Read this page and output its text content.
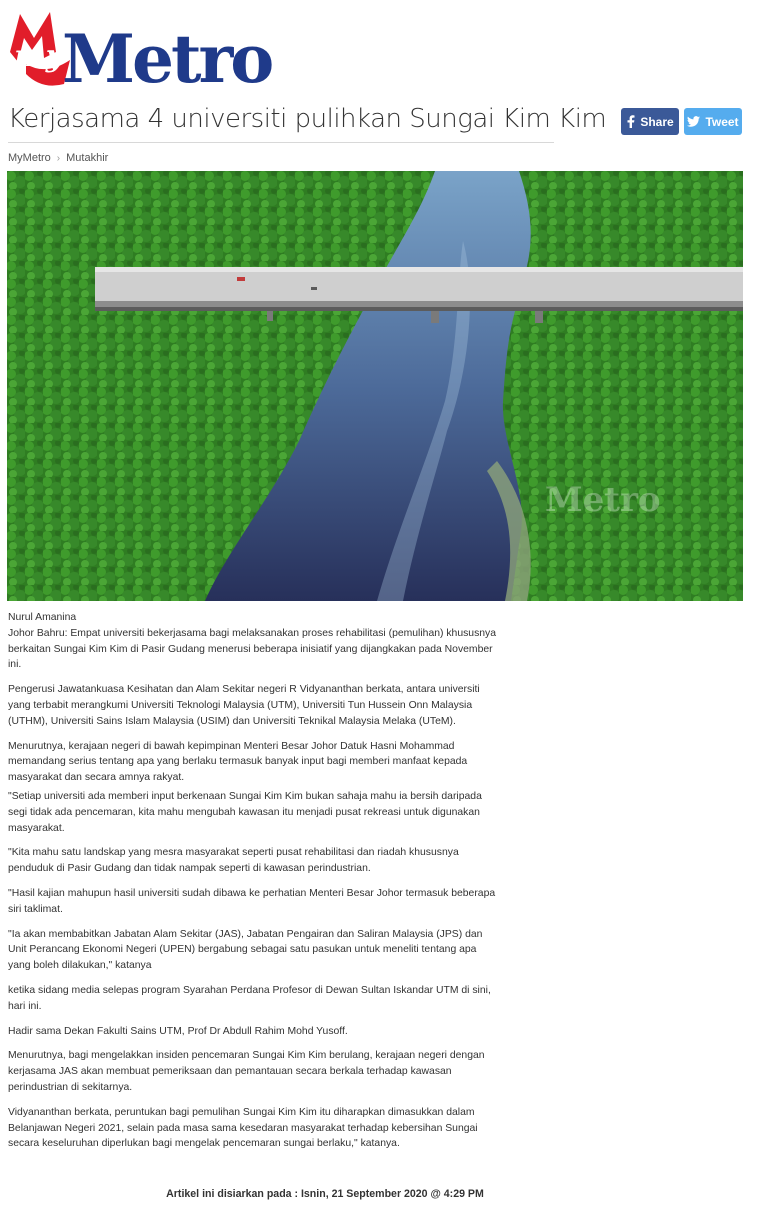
my
Metro
Kerjasama 4 universiti pulihkan Sungai Kim Kim	Share	Tweet
MyMetro › Mutakhir
Metro

Nurul Amanina

Johor Bahru: Empat universiti bekerjasama bagi melaksanakan proses rehabilitasi (pemulihan) khususnya berkaitan Sungai Kim Kim di Pasir Gudang menerusi beberapa inisiatif yang dijangkakan pada November ini.

Pengerusi Jawatankuasa Kesihatan dan Alam Sekitar negeri R Vidyananthan berkata, antara universiti yang terbabit merangkumi Universiti Teknologi Malaysia (UTM), Universiti Tun Hussein Onn Malaysia (UTHM), Universiti Sains Islam Malaysia (USIM) dan Universiti Teknikal Malaysia Melaka (UTeM).

Menurutnya, kerajaan negeri di bawah kepimpinan Menteri Besar Johor Datuk Hasni Mohammad memandang serius tentang apa yang berlaku termasuk banyak input bagi memberi manfaat kepada masyarakat dan secara amnya rakyat.

"Setiap universiti ada memberi input berkenaan Sungai Kim Kim bukan sahaja mahu ia bersih daripada segi tidak ada pencemaran, kita mahu mengubah kawasan itu menjadi pusat rekreasi untuk digunakan masyarakat.

"Kita mahu satu landskap yang mesra masyarakat seperti pusat rehabilitasi dan riadah khususnya penduduk di Pasir Gudang dan tidak nampak seperti di kawasan perindustrian.

"Hasil kajian mahupun hasil universiti sudah dibawa ke perhatian Menteri Besar Johor termasuk beberapa siri taklimat.

"Ia akan membabitkan Jabatan Alam Sekitar (JAS), Jabatan Pengairan dan Saliran Malaysia (JPS) dan Unit Perancang Ekonomi Negeri (UPEN) bergabung sebagai satu pasukan untuk meneliti tentang apa yang boleh dilakukan," katanya

ketika sidang media selepas program Syarahan Perdana Profesor di Dewan Sultan Iskandar UTM di sini, hari ini.

Hadir sama Dekan Fakulti Sains UTM, Prof Dr Abdull Rahim Mohd Yusoff.

Menurutnya, bagi mengelakkan insiden pencemaran Sungai Kim Kim berulang, kerajaan negeri dengan kerjasama JAS akan membuat pemeriksaan dan pemantauan secara berkala terhadap kawasan perindustrian di sekitarnya.

Vidyananthan berkata, peruntukan bagi pemulihan Sungai Kim Kim itu diharapkan dimasukkan dalam Belanjawan Negeri 2021, selain pada masa sama kesedaran masyarakat terhadap kebersihan Sungai secara keseluruhan diperlukan bagi mengelak pencemaran sungai berlaku," katanya.

Artikel ini disiarkan pada : Isnin, 21 September 2020 @ 4:29 PM
